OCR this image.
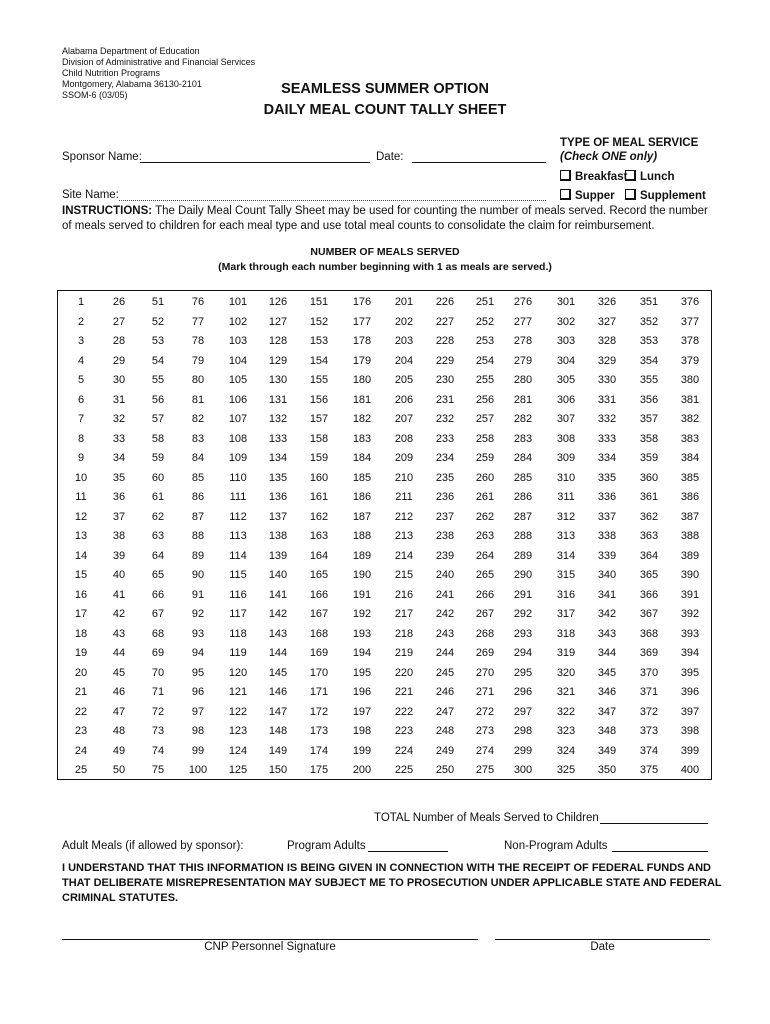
Alabama Department of Education
Division of Administrative and Financial Services
Child Nutrition Programs
Montgomery, Alabama 36130-2101
SSOM-6 (03/05)	SEAMLESS SUMMER OPTION
DAILY MEAL COUNT TALLY SHEET
TYPE OF MEAL SERVICE
(Check ONE only)
Sponsor Name:	Date:
Breakfast	Lunch
Supper	Supplement
Site Name:
INSTRUCTIONS: The Daily Meal Count Tally Sheet may be used for counting the number of meals served. Record the number of meals served to children for each meal type and use total meal counts to consolidate the claim for reimbursement.
NUMBER OF MEALS SERVED
(Mark through each number beginning with 1 as meals are served.)
1	26	51	76	101	126	151	176	201	226	251	276	301	326	351	376
2	27	52	77	102	127	152	177	202	227	252	277	302	327	352	377
3	28	53	78	103	128	153	178	203	228	253	278	303	328	353	378
4	29	54	79	104	129	154	179	204	229	254	279	304	329	354	379
5	30	55	80	105	130	155	180	205	230	255	280	305	330	355	380
6	31	56	81	106	131	156	181	206	231	256	281	306	331	356	381
7	32	57	82	107	132	157	182	207	232	257	282	307	332	357	382
8	33	58	83	108	133	158	183	208	233	258	283	308	333	358	383
9	34	59	84	109	134	159	184	209	234	259	284	309	334	359	384
10	35	60	85	110	135	160	185	210	235	260	285	310	335	360	385
11	36	61	86	111	136	161	186	211	236	261	286	311	336	361	386
12	37	62	87	112	137	162	187	212	237	262	287	312	337	362	387
13	38	63	88	113	138	163	188	213	238	263	288	313	338	363	388
14	39	64	89	114	139	164	189	214	239	264	289	314	339	364	389
15	40	65	90	115	140	165	190	215	240	265	290	315	340	365	390
16	41	66	91	116	141	166	191	216	241	266	291	316	341	366	391
17	42	67	92	117	142	167	192	217	242	267	292	317	342	367	392
18	43	68	93	118	143	168	193	218	243	268	293	318	343	368	393
19	44	69	94	119	144	169	194	219	244	269	294	319	344	369	394
20	45	70	95	120	145	170	195	220	245	270	295	320	345	370	395
21	46	71	96	121	146	171	196	221	246	271	296	321	346	371	396
22	47	72	97	122	147	172	197	222	247	272	297	322	347	372	397
23	48	73	98	123	148	173	198	223	248	273	298	323	348	373	398
24	49	74	99	124	149	174	199	224	249	274	299	324	349	374	399
25	50	75	100	125	150	175	200	225	250	275	300	325	350	375	400
TOTAL Number of Meals Served to Children
Adult Meals (if allowed by sponsor):	Program Adults	Non-Program Adults
I UNDERSTAND THAT THIS INFORMATION IS BEING GIVEN IN CONNECTION WITH THE RECEIPT OF FEDERAL FUNDS AND THAT DELIBERATE MISREPRESENTATION MAY SUBJECT ME TO PROSECUTION UNDER APPLICABLE STATE AND FEDERAL CRIMINAL STATUTES.
CNP Personnel Signature	Date
